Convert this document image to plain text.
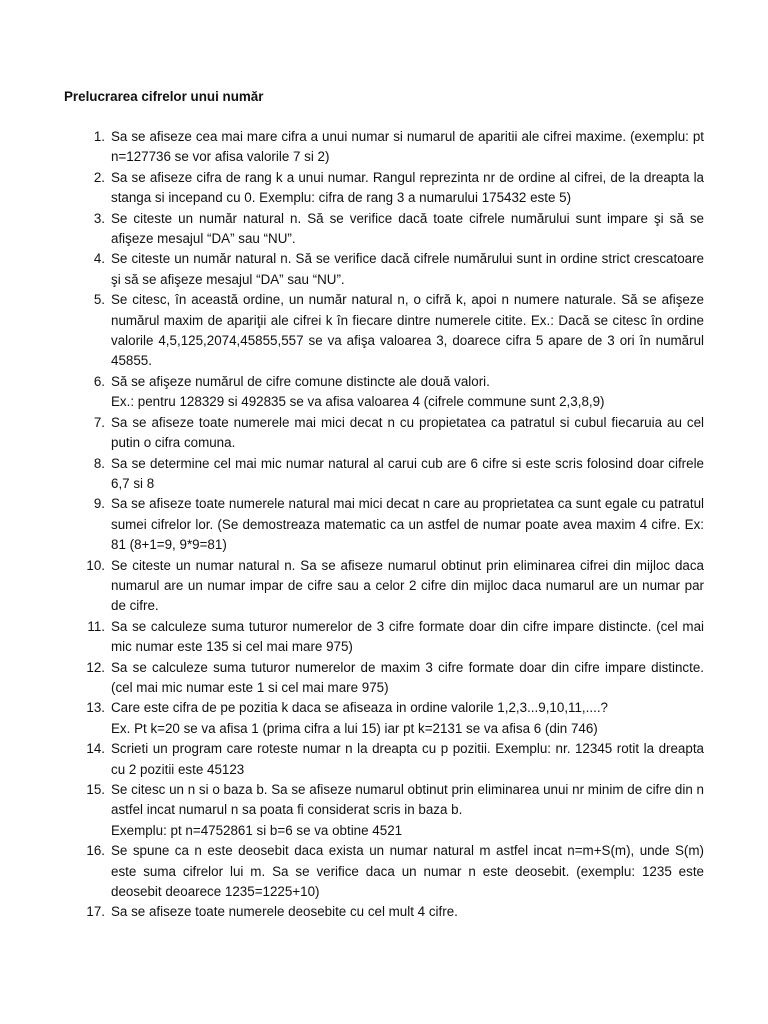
Prelucrarea cifrelor unui număr
1. Sa se afiseze cea mai mare cifra a unui numar si numarul de aparitii ale cifrei maxime. (exemplu: pt n=127736 se vor afisa valorile 7 si 2)
2. Sa se afiseze cifra de rang k a unui numar. Rangul reprezinta nr de ordine al cifrei, de la dreapta la stanga si incepand cu 0. Exemplu: cifra de rang 3 a numarului 175432 este 5)
3. Se citeste un număr natural n. Să se verifice dacă toate cifrele numărului sunt impare şi să se afişeze mesajul “DA” sau “NU”.
4. Se citeste un număr natural n. Să se verifice dacă cifrele numărului sunt in ordine strict crescatoare şi să se afişeze mesajul “DA” sau “NU”.
5. Se citesc, în această ordine, un număr natural n, o cifră k, apoi n numere naturale. Să se afişeze numărul maxim de apariţii ale cifrei k în fiecare dintre numerele citite. Ex.: Dacă se citesc în ordine valorile 4,5,125,2074,45855,557 se va afişa valoarea 3, doarece cifra 5 apare de 3 ori în numărul 45855.
6. Să se afişeze numărul de cifre comune distincte ale două valori.
Ex.: pentru 128329 si 492835 se va afisa valoarea 4 (cifrele commune sunt 2,3,8,9)
7. Sa se afiseze toate numerele mai mici decat n cu propietatea ca patratul si cubul fiecaruia au cel putin o cifra comuna.
8. Sa se determine cel mai mic numar natural al carui cub are 6 cifre si este scris folosind doar cifrele 6,7 si 8
9. Sa se afiseze toate numerele natural mai mici decat n care au proprietatea ca sunt egale cu patratul sumei cifrelor lor. (Se demostreaza matematic ca un astfel de numar poate avea maxim 4 cifre. Ex: 81 (8+1=9, 9*9=81)
10. Se citeste un numar natural n. Sa se afiseze numarul obtinut prin eliminarea cifrei din mijloc daca numarul are un numar impar de cifre sau a celor 2 cifre din mijloc daca numarul are un numar par de cifre.
11. Sa se calculeze suma tuturor numerelor de 3 cifre formate doar din cifre impare distincte. (cel mai mic numar este 135 si cel mai mare 975)
12. Sa se calculeze suma tuturor numerelor de maxim 3 cifre formate doar din cifre impare distincte. (cel mai mic numar este 1 si cel mai mare 975)
13. Care este cifra de pe pozitia k daca se afiseaza in ordine valorile 1,2,3...9,10,11,....?
Ex. Pt k=20 se va afisa 1 (prima cifra a lui 15) iar pt k=2131 se va afisa 6 (din 746)
14. Scrieti un program care roteste numar n la dreapta cu p pozitii. Exemplu: nr. 12345 rotit la dreapta cu 2 pozitii este 45123
15. Se citesc un n si o baza b. Sa se afiseze numarul obtinut prin eliminarea unui nr minim de cifre din n astfel incat numarul n sa poata fi considerat scris in baza b.
Exemplu: pt n=4752861 si b=6 se va obtine 4521
16. Se spune ca n este deosebit daca exista un numar natural m astfel incat n=m+S(m), unde S(m) este suma cifrelor lui m. Sa se verifice daca un numar n este deosebit. (exemplu: 1235 este deosebit deoarece 1235=1225+10)
17. Sa se afiseze toate numerele deosebite cu cel mult 4 cifre.
